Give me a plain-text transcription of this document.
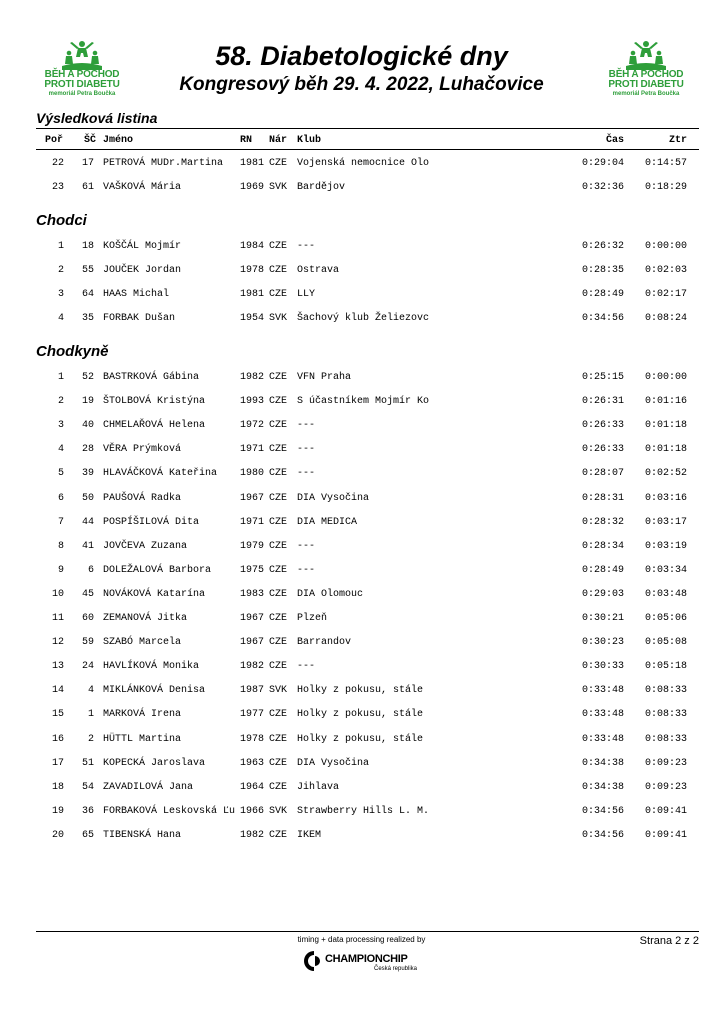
BĚH A POCHOD
PROTI DIABETU
memoriál Petra Boučka
BĚH A POCHOD
PROTI DIABETU
memoriál Petra Boučka
58. Diabetologické dny
Kongresový běh 29. 4. 2022, Luhačovice
Výsledková listina
Poř ŠČ Jméno	RN Nár Klub	Čas	Ztr
22	17 PETROVÁ MUDr.Martina 1981 CZE Vojenská nemocnice Olo	0:29:04	0:14:57
23	61 VAŠKOVÁ Mária	1969 SVK Bardějov	0:32:36	0:18:29
Chodci
1	18 KOŠČÁL Mojmír	1984 CZE ---	0:26:32	0:00:00
2	55 JOUČEK Jordan	1978 CZE Ostrava	0:28:35	0:02:03
3	64 HAAS Michal	1981 CZE LLY	0:28:49	0:02:17
4	35 FORBAK Dušan	1954 SVK Šachový klub Želiezovc	0:34:56	0:08:24
Chodkyně
1	52 BASTRKOVÁ Gábina	1982 CZE VFN Praha	0:25:15	0:00:00
2	19 ŠTOLBOVÁ Kristýna	1993 CZE S účastníkem Mojmír Ko	0:26:31	0:01:16
3	40 CHMELAŘOVÁ Helena	1972 CZE ---	0:26:33	0:01:18
4	28 VĚRA Prýmková	1971 CZE ---	0:26:33	0:01:18
5	39 HLAVÁČKOVÁ Kateřina 1980 CZE ---	0:28:07	0:02:52
6	50 PAUŠOVÁ Radka	1967 CZE DIA Vysočina	0:28:31	0:03:16
7	44 POSPÍŠILOVÁ Dita	1971 CZE DIA MEDICA	0:28:32	0:03:17
8	41 JOVČEVA Zuzana	1979 CZE ---	0:28:34	0:03:19
9	6 DOLEŽALOVÁ Barbora	1975 CZE ---	0:28:49	0:03:34
10	45 NOVÁKOVÁ Katarína	1983 CZE DIA Olomouc	0:29:03	0:03:48
11	60 ZEMANOVÁ Jitka	1967 CZE Plzeň	0:30:21	0:05:06
12	59 SZABÓ Marcela	1967 CZE Barrandov	0:30:23	0:05:08
13	24 HAVLÍKOVÁ Monika	1982 CZE ---	0:30:33	0:05:18
14	4 MIKLÁNKOVÁ Denisa	1987 SVK Holky z pokusu, stále	0:33:48	0:08:33
15	1 MARKOVÁ Irena	1977 CZE Holky z pokusu, stále	0:33:48	0:08:33
16	2 HÜTTL Martina	1978 CZE Holky z pokusu, stále	0:33:48	0:08:33
17	51 KOPECKÁ Jaroslava	1963 CZE DIA Vysočina	0:34:38	0:09:23
18	54 ZAVADILOVÁ Jana	1964 CZE Jihlava	0:34:38	0:09:23
19	36 FORBAKOVÁ Leskovská Ľu 1966 SVK Strawberry Hills L. M.	0:34:56	0:09:41
20	65 TIBENSKÁ Hana	1982 CZE IKEM	0:34:56	0:09:41
timing + data processing realized by
CHAMPIONCHIP
Česká republika
Strana 2 z 2
